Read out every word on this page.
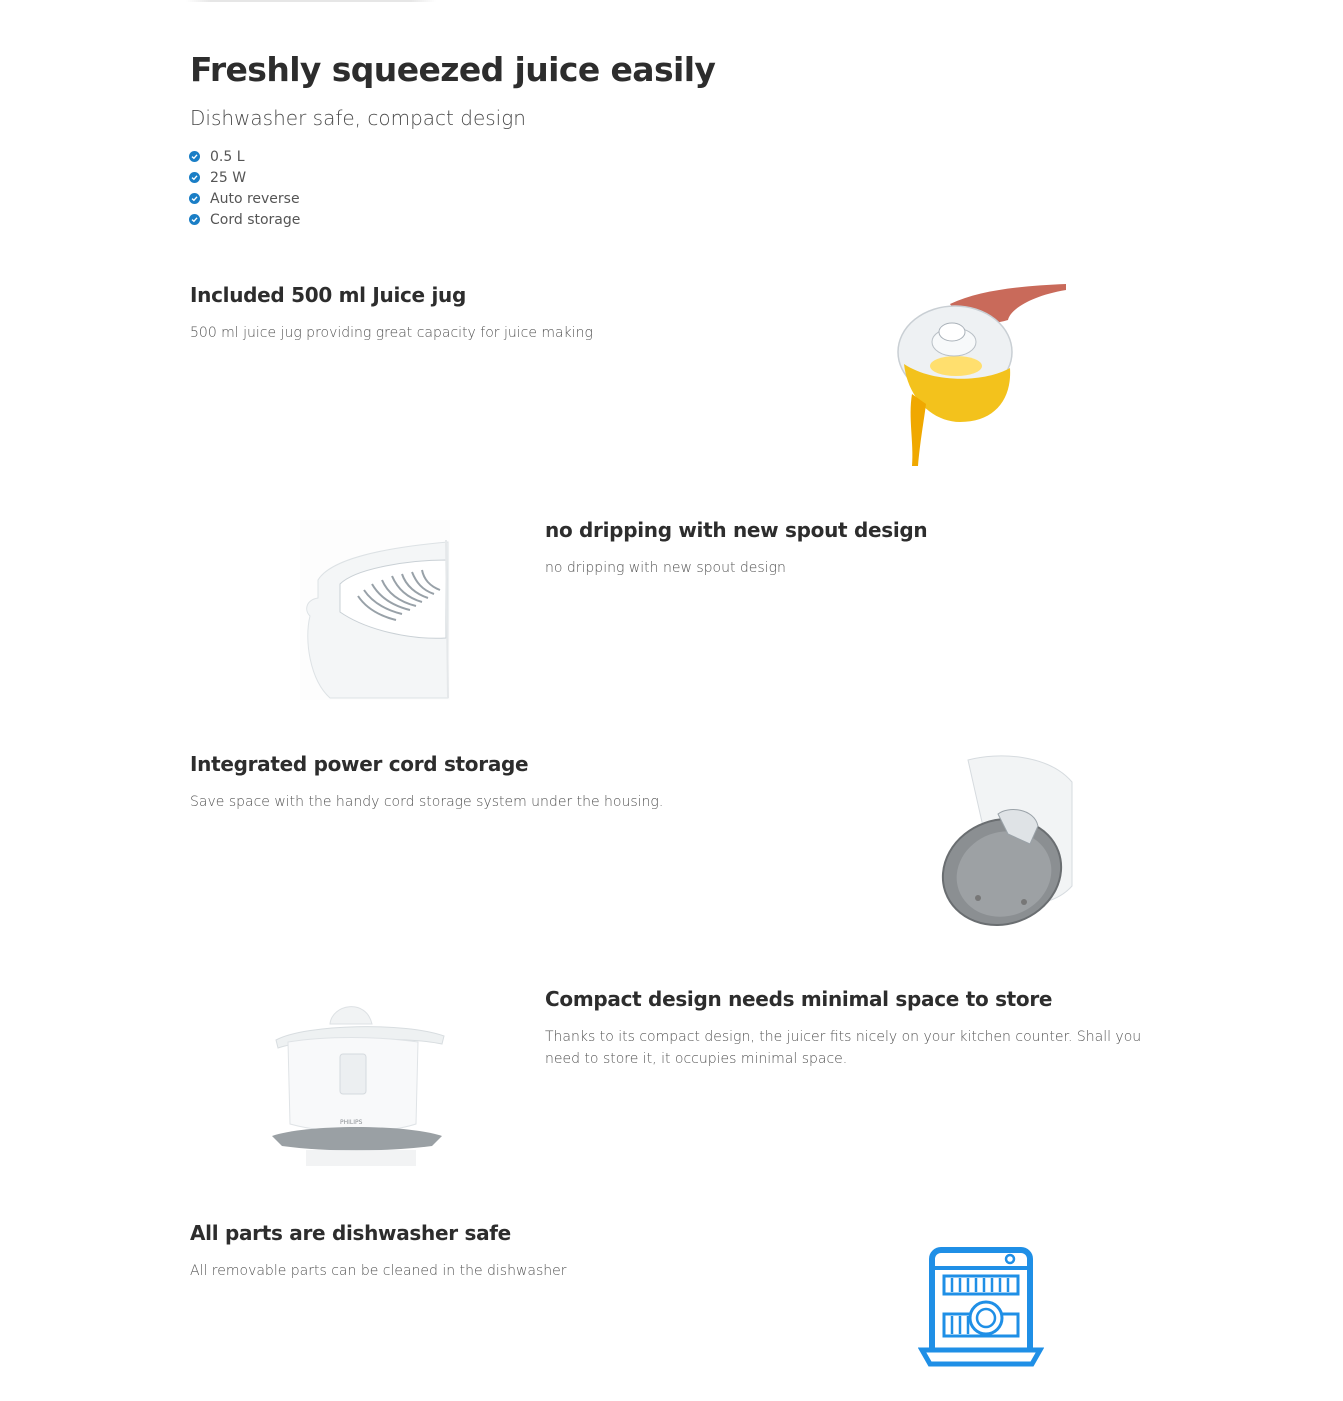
Freshly squeezed juice easily
Dishwasher safe, compact design
0.5 L
25 W
Auto reverse
Cord storage
Included 500 ml Juice jug

500 ml juice jug providing great capacity for juice making

no dripping with new spout design

no dripping with new spout design

Integrated power cord storage

Save space with the handy cord storage system under the housing.

PHILIPS
Compact design needs minimal space to store

Thanks to its compact design, the juicer fits nicely on your kitchen counter. Shall you need to store it, it occupies minimal space.

All parts are dishwasher safe

All removable parts can be cleaned in the dishwasher
